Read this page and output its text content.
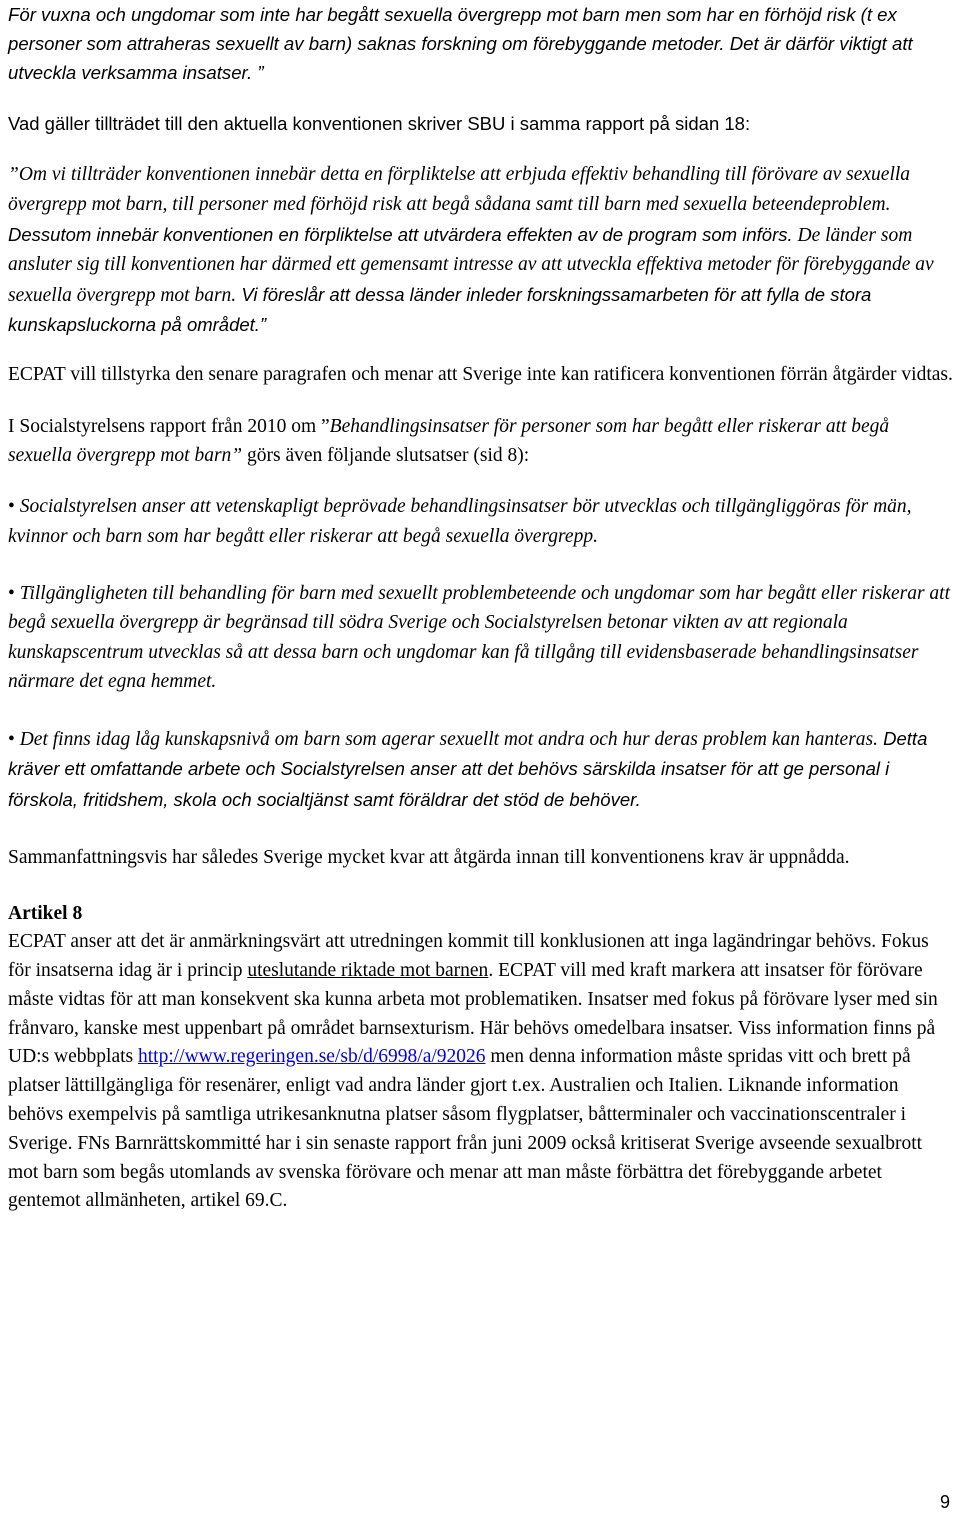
För vuxna och ungdomar som inte har begått sexuella övergrepp mot barn men som har en förhöjd risk (t ex personer som attraheras sexuellt av barn) saknas forskning om förebyggande metoder. Det är därför viktigt att utveckla verksamma insatser. ”

Vad gäller tillträdet till den aktuella konventionen skriver SBU i samma rapport på sidan 18:

”Om vi tillträder konventionen innebär detta en förpliktelse att erbjuda effektiv behandling till förövare av sexuella övergrepp mot barn, till personer med förhöjd risk att begå sådana samt till barn med sexuella beteendeproblem. Dessutom innebär konventionen en förpliktelse att utvärdera effekten av de program som införs. De länder som ansluter sig till konventionen har därmed ett gemensamt intresse av att utveckla effektiva metoder för förebyggande av sexuella övergrepp mot barn. Vi föreslår att dessa länder inleder forskningssamarbeten för att fylla de stora kunskapsluckorna på området.”

ECPAT vill tillstyrka den senare paragrafen och menar att Sverige inte kan ratificera konventionen förrän åtgärder vidtas.

I Socialstyrelsens rapport från 2010 om ”Behandlingsinsatser för personer som har begått eller riskerar att begå sexuella övergrepp mot barn” görs även följande slutsatser (sid 8):

• Socialstyrelsen anser att vetenskapligt beprövade behandlingsinsatser bör utvecklas och tillgängliggöras för män, kvinnor och barn som har begått eller riskerar att begå sexuella övergrepp.

• Tillgängligheten till behandling för barn med sexuellt problembeteende och ungdomar som har begått eller riskerar att begå sexuella övergrepp är begränsad till södra Sverige och Socialstyrelsen betonar vikten av att regionala kunskapscentrum utvecklas så att dessa barn och ungdomar kan få tillgång till evidensbaserade behandlingsinsatser närmare det egna hemmet.

• Det finns idag låg kunskapsnivå om barn som agerar sexuellt mot andra och hur deras problem kan hanteras. Detta kräver ett omfattande arbete och Socialstyrelsen anser att det behövs särskilda insatser för att ge personal i förskola, fritidshem, skola och socialtjänst samt föräldrar det stöd de behöver.

Sammanfattningsvis har således Sverige mycket kvar att åtgärda innan till konventionens krav är uppnådda.

Artikel 8

ECPAT anser att det är anmärkningsvärt att utredningen kommit till konklusionen att inga lagändringar behövs. Fokus för insatserna idag är i princip uteslutande riktade mot barnen. ECPAT vill med kraft markera att insatser för förövare måste vidtas för att man konsekvent ska kunna arbeta mot problematiken. Insatser med fokus på förövare lyser med sin frånvaro, kanske mest uppenbart på området barnsexturism. Här behövs omedelbara insatser. Viss information finns på UD:s webbplats http://www.regeringen.se/sb/d/6998/a/92026 men denna information måste spridas vitt och brett på platser lättillgängliga för resenärer, enligt vad andra länder gjort t.ex. Australien och Italien. Liknande information behövs exempelvis på samtliga utrikesanknutna platser såsom flygplatser, båtterminaler och vaccinationscentraler i Sverige. FNs Barnrättskommitté har i sin senaste rapport från juni 2009 också kritiserat Sverige avseende sexualbrott mot barn som begås utomlands av svenska förövare och menar att man måste förbättra det förebyggande arbetet gentemot allmänheten, artikel 69.C.

9
